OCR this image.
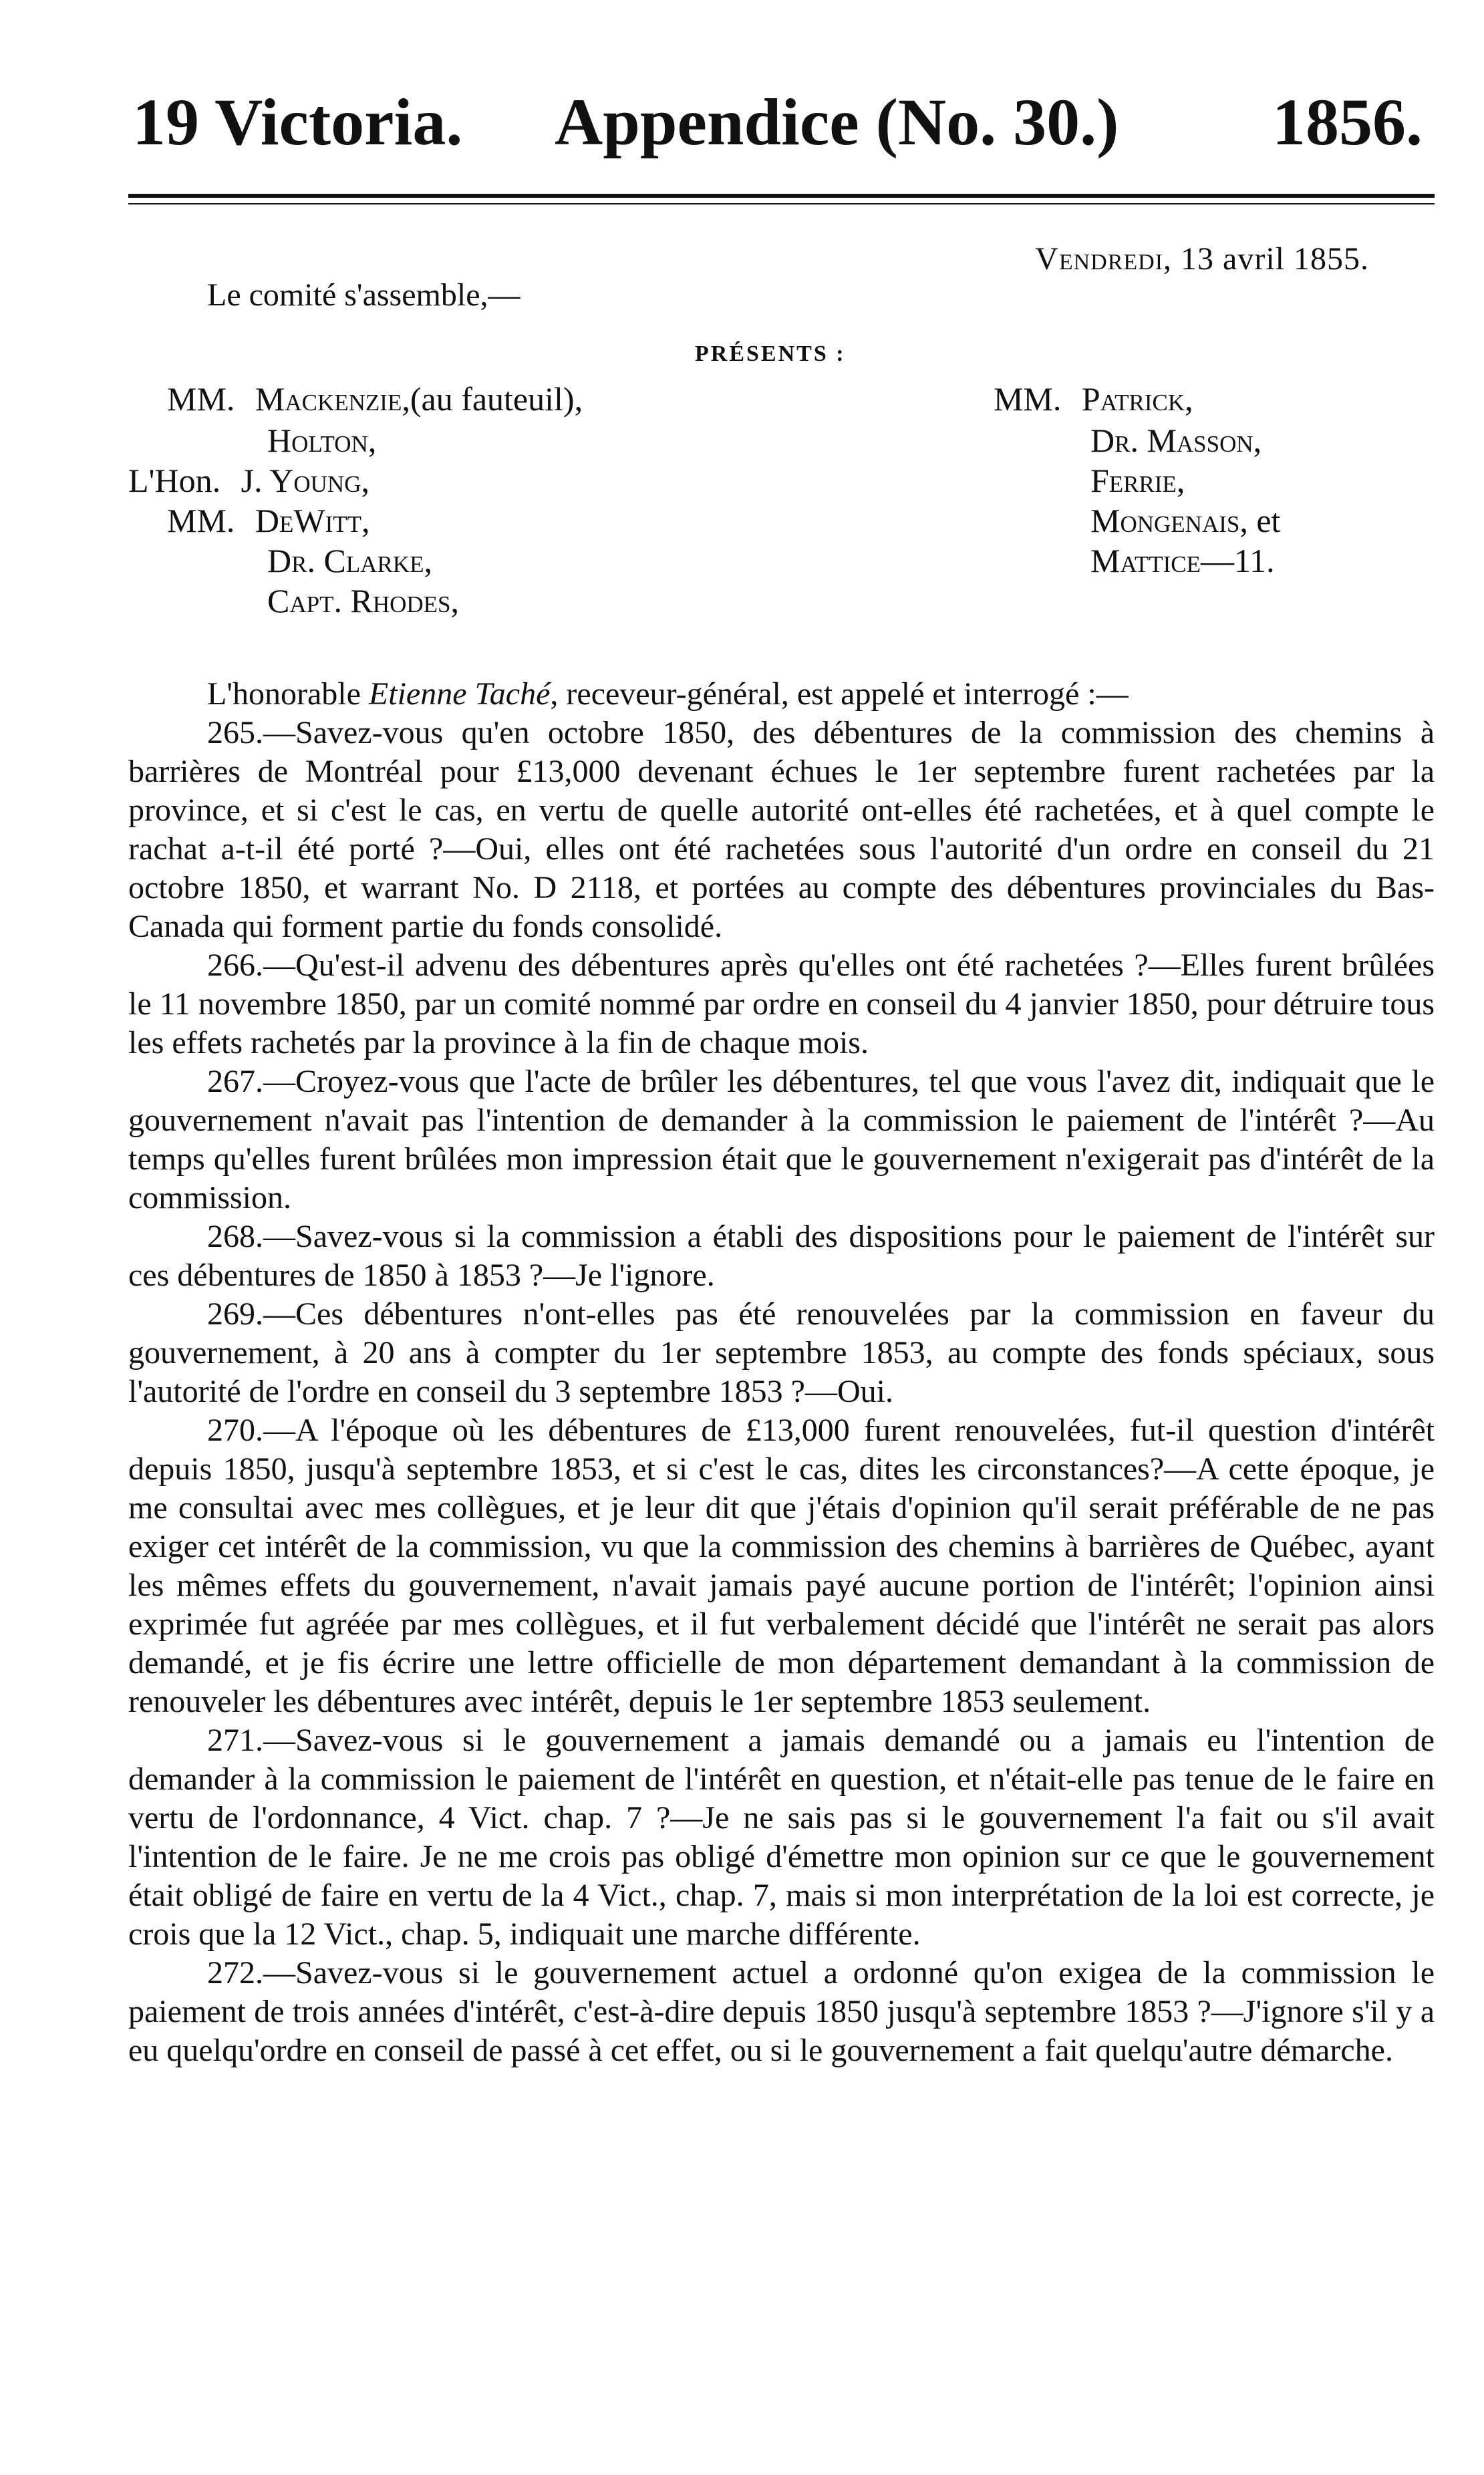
19 Victoria. Appendice (No. 30.) 1856.
Vendredi, 13 avril 1855.
Le comité s'assemble,—
PRÉSENTS :
MM. Mackenzie,(au fauteuil),
Holton,
L'Hon. J. Young,
MM. DeWitt,
Dr. Clarke,
Capt. Rhodes,
MM. Patrick,
Dr. Masson,
Ferrie,
Mongenais, et
Mattice—11.

L'honorable Etienne Taché, receveur-général, est appelé et interrogé :—

265.—Savez-vous qu'en octobre 1850, des débentures de la commission des chemins à barrières de Montréal pour £13,000 devenant échues le 1er septembre furent rachetées par la province, et si c'est le cas, en vertu de quelle autorité ont-elles été rachetées, et à quel compte le rachat a-t-il été porté ?—Oui, elles ont été rachetées sous l'autorité d'un ordre en conseil du 21 octobre 1850, et warrant No. D 2118, et portées au compte des débentures provinciales du Bas-Canada qui forment partie du fonds consolidé.

266.—Qu'est-il advenu des débentures après qu'elles ont été rachetées ?—Elles furent brûlées le 11 novembre 1850, par un comité nommé par ordre en conseil du 4 janvier 1850, pour détruire tous les effets rachetés par la province à la fin de chaque mois.

267.—Croyez-vous que l'acte de brûler les débentures, tel que vous l'avez dit, indiquait que le gouvernement n'avait pas l'intention de demander à la commission le paiement de l'intérêt ?—Au temps qu'elles furent brûlées mon impression était que le gouvernement n'exigerait pas d'intérêt de la commission.

268.—Savez-vous si la commission a établi des dispositions pour le paiement de l'intérêt sur ces débentures de 1850 à 1853 ?—Je l'ignore.

269.—Ces débentures n'ont-elles pas été renouvelées par la commission en faveur du gouvernement, à 20 ans à compter du 1er septembre 1853, au compte des fonds spéciaux, sous l'autorité de l'ordre en conseil du 3 septembre 1853 ?—Oui.

270.—A l'époque où les débentures de £13,000 furent renouvelées, fut-il question d'intérêt depuis 1850, jusqu'à septembre 1853, et si c'est le cas, dites les circonstances?—A cette époque, je me consultai avec mes collègues, et je leur dit que j'étais d'opinion qu'il serait préférable de ne pas exiger cet intérêt de la commission, vu que la commission des chemins à barrières de Québec, ayant les mêmes effets du gouvernement, n'avait jamais payé aucune portion de l'intérêt; l'opinion ainsi exprimée fut agréée par mes collègues, et il fut verbalement décidé que l'intérêt ne serait pas alors demandé, et je fis écrire une lettre officielle de mon département demandant à la commission de renouveler les débentures avec intérêt, depuis le 1er septembre 1853 seulement.

271.—Savez-vous si le gouvernement a jamais demandé ou a jamais eu l'intention de demander à la commission le paiement de l'intérêt en question, et n'était-elle pas tenue de le faire en vertu de l'ordonnance, 4 Vict. chap. 7 ?—Je ne sais pas si le gouvernement l'a fait ou s'il avait l'intention de le faire. Je ne me crois pas obligé d'émettre mon opinion sur ce que le gouvernement était obligé de faire en vertu de la 4 Vict., chap. 7, mais si mon interprétation de la loi est correcte, je crois que la 12 Vict., chap. 5, indiquait une marche différente.

272.—Savez-vous si le gouvernement actuel a ordonné qu'on exigea de la commission le paiement de trois années d'intérêt, c'est-à-dire depuis 1850 jusqu'à septembre 1853 ?—J'ignore s'il y a eu quelqu'ordre en conseil de passé à cet effet, ou si le gouvernement a fait quelqu'autre démarche.
